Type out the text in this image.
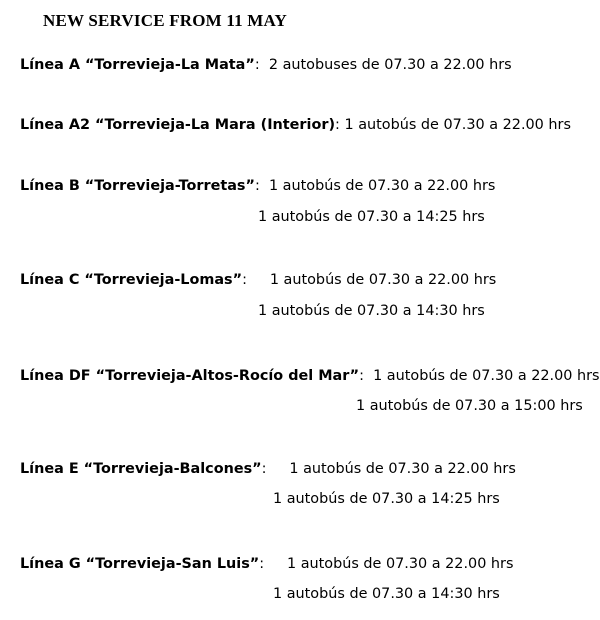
NEW SERVICE FROM 11 MAY
Línea A “Torrevieja-La Mata”:  2 autobuses de 07.30 a 22.00 hrs
Línea A2 “Torrevieja-La Mara (Interior): 1 autobús de 07.30 a 22.00 hrs
Línea B “Torrevieja-Torretas”:  1 autobús de 07.30 a 22.00 hrs
1 autobús de 07.30 a 14:25 hrs
Línea C “Torrevieja-Lomas”:     1 autobús de 07.30 a 22.00 hrs
1 autobús de 07.30 a 14:30 hrs
Línea DF “Torrevieja-Altos-Rocío del Mar”:  1 autobús de 07.30 a 22.00 hrs
1 autobús de 07.30 a 15:00 hrs
Línea E “Torrevieja-Balcones”:     1 autobús de 07.30 a 22.00 hrs
1 autobús de 07.30 a 14:25 hrs
Línea G “Torrevieja-San Luis”:     1 autobús de 07.30 a 22.00 hrs
1 autobús de 07.30 a 14:30 hrs
